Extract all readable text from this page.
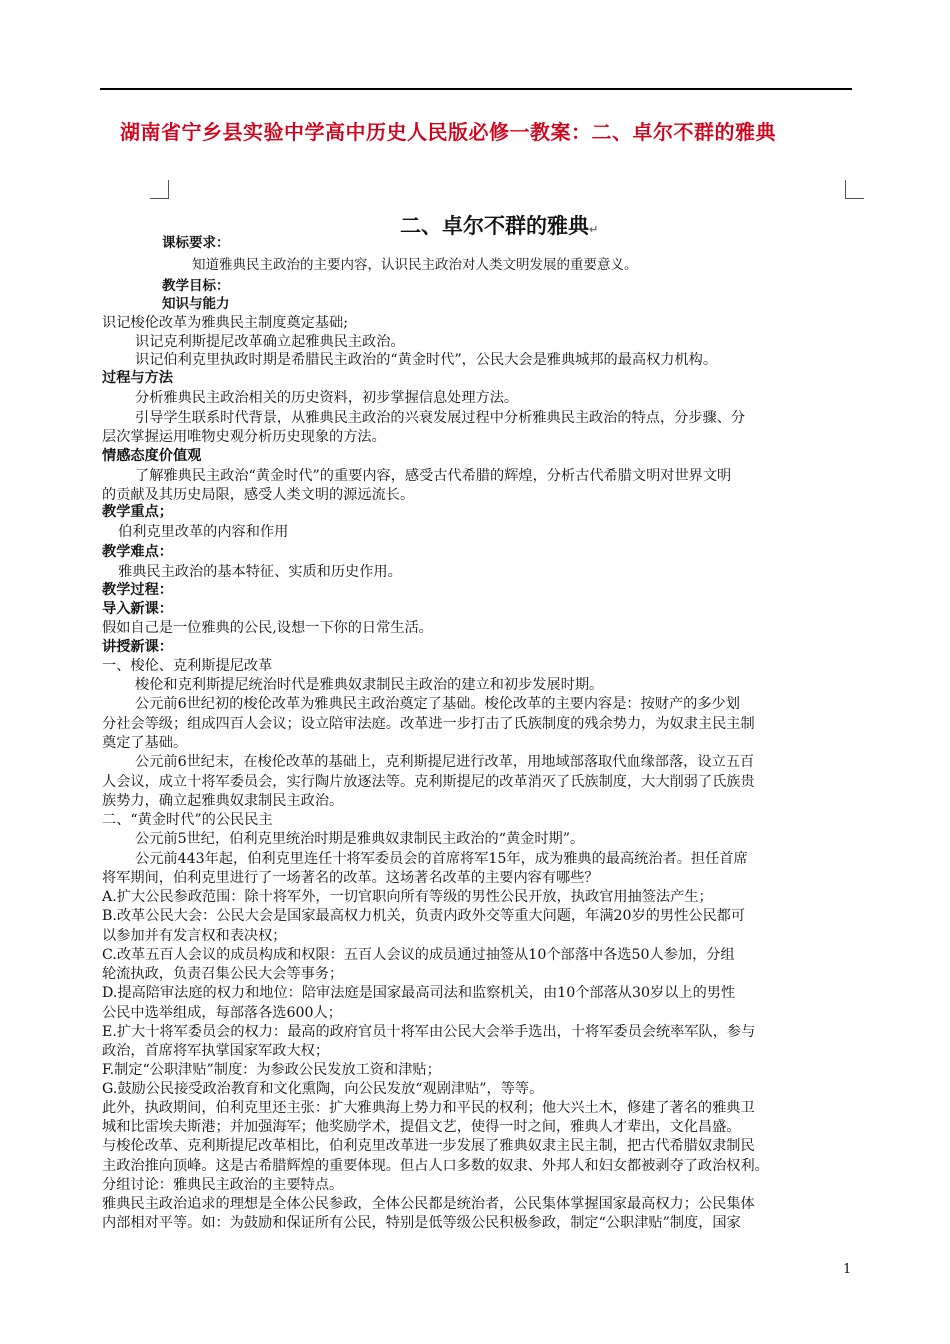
湖南省宁乡县实验中学高中历史人民版必修一教案：二、卓尔不群的雅典
二、卓尔不群的雅典↵
课标要求：
知道雅典民主政治的主要内容，认识民主政治对人类文明发展的重要意义。
教学目标：
知识与能力
识记梭伦改革为雅典民主制度奠定基础;
识记克利斯提尼改革确立起雅典民主政治。
识记伯利克里执政时期是希腊民主政治的“黄金时代”，公民大会是雅典城邦的最高权力机构。
过程与方法
分析雅典民主政治相关的历史资料，初步掌握信息处理方法。
引导学生联系时代背景，从雅典民主政治的兴衰发展过程中分析雅典民主政治的特点，分步骤、分
层次掌握运用唯物史观分析历史现象的方法。
情感态度价值观
了解雅典民主政治“黄金时代”的重要内容，感受古代希腊的辉煌，分析古代希腊文明对世界文明
的贡献及其历史局限，感受人类文明的源远流长。
教学重点；
伯利克里改革的内容和作用
教学难点：
雅典民主政治的基本特征、实质和历史作用。
教学过程：
导入新课：
假如自己是一位雅典的公民,设想一下你的日常生活。
讲授新课：
一、梭伦、克利斯提尼改革
梭伦和克利斯提尼统治时代是雅典奴隶制民主政治的建立和初步发展时期。
公元前6世纪初的梭伦改革为雅典民主政治奠定了基础。梭伦改革的主要内容是：按财产的多少划
分社会等级；组成四百人会议；设立陪审法庭。改革进一步打击了氏族制度的残余势力，为奴隶主民主制
奠定了基础。
公元前6世纪末，在梭伦改革的基础上，克利斯提尼进行改革，用地域部落取代血缘部落，设立五百
人会议，成立十将军委员会，实行陶片放逐法等。克利斯提尼的改革消灭了氏族制度，大大削弱了氏族贵
族势力，确立起雅典奴隶制民主政治。
二、“黄金时代”的公民民主
公元前5世纪，伯利克里统治时期是雅典奴隶制民主政治的“黄金时期”。
公元前443年起，伯利克里连任十将军委员会的首席将军15年，成为雅典的最高统治者。担任首席
将军期间，伯利克里进行了一场著名的改革。这场著名改革的主要内容有哪些？
A.扩大公民参政范围：除十将军外，一切官职向所有等级的男性公民开放，执政官用抽签法产生；
B.改革公民大会：公民大会是国家最高权力机关，负责内政外交等重大问题，年满20岁的男性公民都可
以参加并有发言权和表决权；
C.改革五百人会议的成员构成和权限：五百人会议的成员通过抽签从10个部落中各选50人参加，分组
轮流执政，负责召集公民大会等事务；
D.提高陪审法庭的权力和地位：陪审法庭是国家最高司法和监察机关，由10个部落从30岁以上的男性
公民中选举组成，每部落各选600人；
E.扩大十将军委员会的权力：最高的政府官员十将军由公民大会举手选出，十将军委员会统率军队，参与
政治，首席将军执掌国家军政大权；
F.制定“公职津贴”制度：为参政公民发放工资和津贴；
G.鼓励公民接受政治教育和文化熏陶，向公民发放“观剧津贴”，等等。
此外，执政期间，伯利克里还主张：扩大雅典海上势力和平民的权利；他大兴土木，修建了著名的雅典卫
城和比雷埃夫斯港；并加强海军；他奖励学术，提倡文艺，使得一时之间，雅典人才辈出，文化昌盛。
与梭伦改革、克利斯提尼改革相比，伯利克里改革进一步发展了雅典奴隶主民主制，把古代希腊奴隶制民
主政治推向顶峰。这是古希腊辉煌的重要体现。但占人口多数的奴隶、外邦人和妇女都被剥夺了政治权利。
分组讨论：雅典民主政治的主要特点。
雅典民主政治追求的理想是全体公民参政，全体公民都是统治者，公民集体掌握国家最高权力；公民集体
内部相对平等。如：为鼓励和保证所有公民，特别是低等级公民积极参政，制定“公职津贴”制度，国家
1
